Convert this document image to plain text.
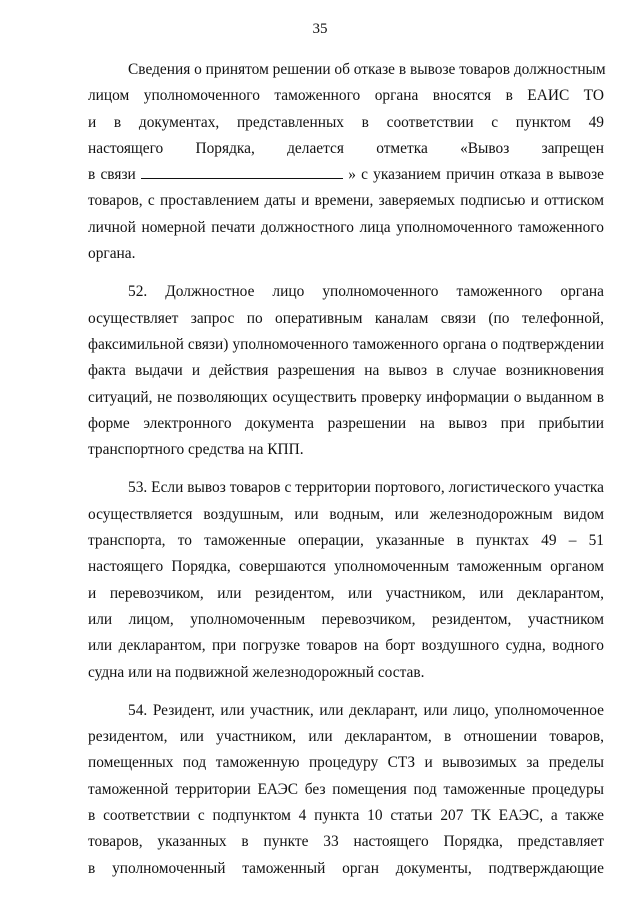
35
Сведения о принятом решении об отказе в вывозе товаров должностным
лицом уполномоченного таможенного органа вносятся в ЕАИС ТО
и в документах, представленных в соответствии с пунктом 49
настоящего Порядка, делается отметка «Вывоз запрещен
в связи	» с указанием причин отказа в вывозе
товаров, с проставлением даты и времени, заверяемых подписью и оттиском
личной номерной печати должностного лица уполномоченного таможенного
органа.
52. Должностное лицо уполномоченного таможенного органа
осуществляет запрос по оперативным каналам связи (по телефонной,
факсимильной связи) уполномоченного таможенного органа о подтверждении
факта выдачи и действия разрешения на вывоз в случае возникновения
ситуаций, не позволяющих осуществить проверку информации о выданном в
форме электронного документа разрешении на вывоз при прибытии
транспортного средства на КПП.
53. Если вывоз товаров с территории портового, логистического участка
осуществляется воздушным, или водным, или железнодорожным видом
транспорта, то таможенные операции, указанные в пунктах 49 – 51
настоящего Порядка, совершаются уполномоченным таможенным органом
и перевозчиком, или резидентом, или участником, или декларантом,
или лицом, уполномоченным перевозчиком, резидентом, участником
или декларантом, при погрузке товаров на борт воздушного судна, водного
судна или на подвижной железнодорожный состав.
54. Резидент, или участник, или декларант, или лицо, уполномоченное
резидентом, или участником, или декларантом, в отношении товаров,
помещенных под таможенную процедуру СТЗ и вывозимых за пределы
таможенной территории ЕАЭС без помещения под таможенные процедуры
в соответствии с подпунктом 4 пункта 10 статьи 207 ТК ЕАЭС, а также
товаров, указанных в пункте 33 настоящего Порядка, представляет
в уполномоченный таможенный орган документы, подтверждающие
